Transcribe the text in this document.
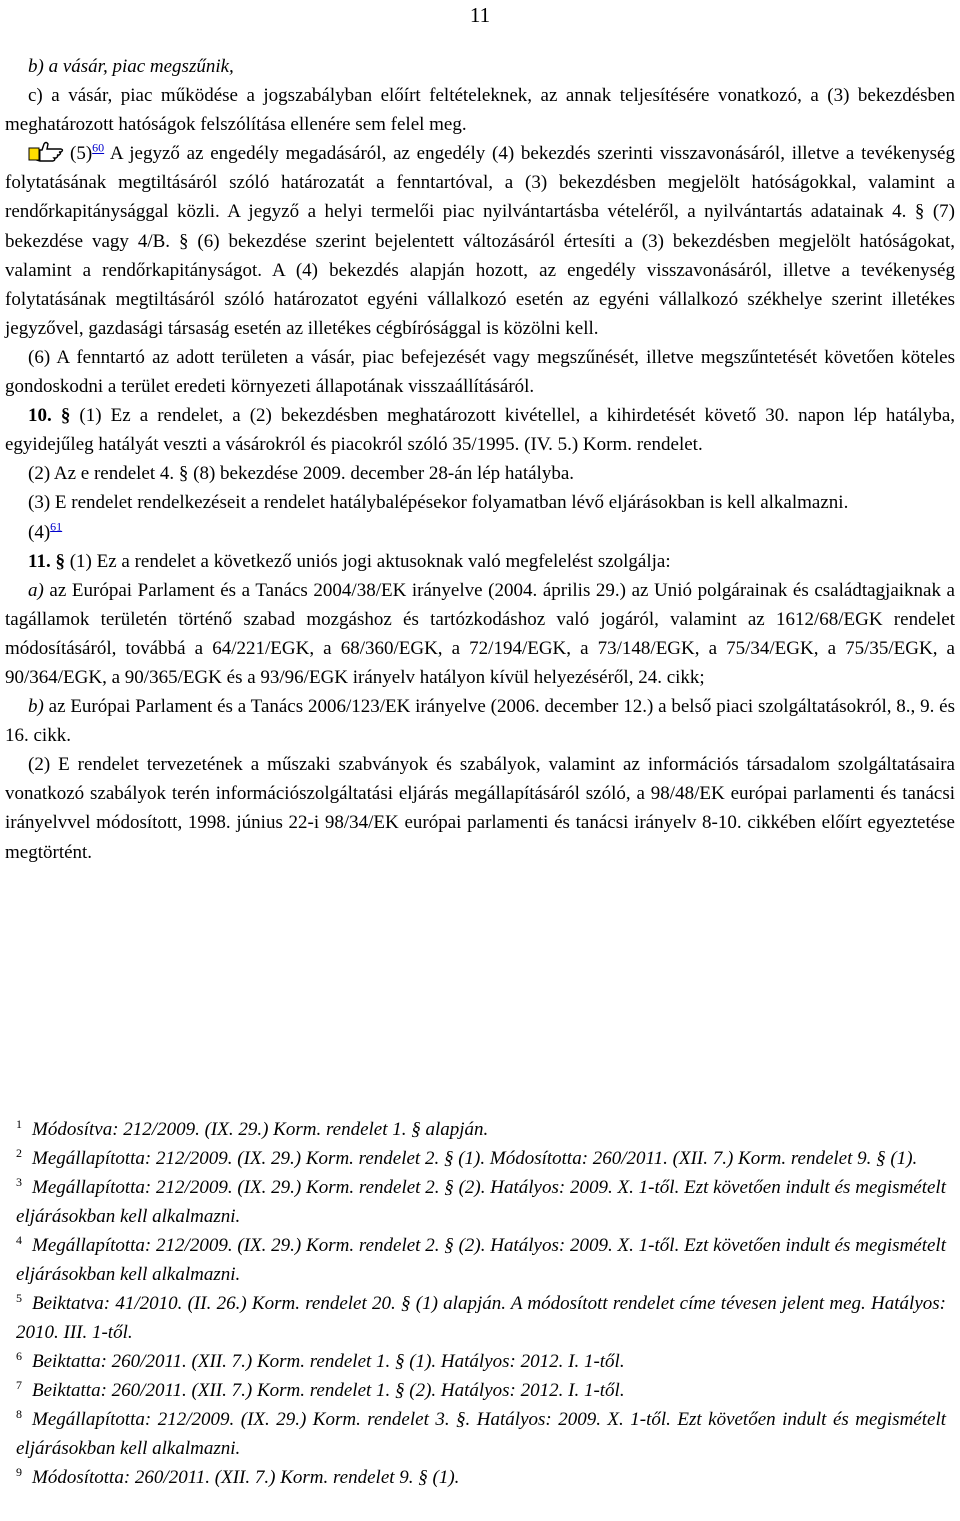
11

b) a vásár, piac megszűnik,

c) a vásár, piac működése a jogszabályban előírt feltételeknek, az annak teljesítésére vonatkozó, a (3) bekezdésben meghatározott hatóságok felszólítása ellenére sem felel meg.

(5)$^{60}$ A jegyző az engedély megadásáról, az engedély (4) bekezdés szerinti visszavonásáról, illetve a tevékenység folytatásának megtiltásáról szóló határozatát a fenntartóval, a (3) bekezdésben megjelölt hatóságokkal, valamint a rendőrkapitánysággal közli. A jegyző a helyi termelői piac nyilvántartásba vételéről, a nyilvántartás adatainak 4. § (7) bekezdése vagy 4/B. § (6) bekezdése szerint bejelentett változásáról értesíti a (3) bekezdésben megjelölt hatóságokat, valamint a rendőrkapitányságot. A (4) bekezdés alapján hozott, az engedély visszavonásáról, illetve a tevékenység folytatásának megtiltásáról szóló határozatot egyéni vállalkozó esetén az egyéni vállalkozó székhelye szerint illetékes jegyzővel, gazdasági társaság esetén az illetékes cégbírósággal is közölni kell.

(6) A fenntartó az adott területen a vásár, piac befejezését vagy megszűnését, illetve megszűntetését követően köteles gondoskodni a terület eredeti környezeti állapotának visszaállításáról.

10. § (1) Ez a rendelet, a (2) bekezdésben meghatározott kivétellel, a kihirdetését követő 30. napon lép hatályba, egyidejűleg hatályát veszti a vásárokról és piacokról szóló 35/1995. (IV. 5.) Korm. rendelet.

(2) Az e rendelet 4. § (8) bekezdése 2009. december 28-án lép hatályba.

(3) E rendelet rendelkezéseit a rendelet hatálybalépésekor folyamatban lévő eljárásokban is kell alkalmazni.

(4)$^{61}$

11. § (1) Ez a rendelet a következő uniós jogi aktusoknak való megfelelést szolgálja:

a) az Európai Parlament és a Tanács 2004/38/EK irányelve (2004. április 29.) az Unió polgárainak és családtagjaiknak a tagállamok területén történő szabad mozgáshoz és tartózkodáshoz való jogáról, valamint az 1612/68/EGK rendelet módosításáról, továbbá a 64/221/EGK, a 68/360/EGK, a 72/194/EGK, a 73/148/EGK, a 75/34/EGK, a 75/35/EGK, a 90/364/EGK, a 90/365/EGK és a 93/96/EGK irányelv hatályon kívül helyezéséről, 24. cikk;

b) az Európai Parlament és a Tanács 2006/123/EK irányelve (2006. december 12.) a belső piaci szolgáltatásokról, 8., 9. és 16. cikk.

(2) E rendelet tervezetének a műszaki szabványok és szabályok, valamint az információs társadalom szolgáltatásaira vonatkozó szabályok terén információszolgáltatási eljárás megállapításáról szóló, a 98/48/EK európai parlamenti és tanácsi irányelvvel módosított, 1998. június 22-i 98/34/EK európai parlamenti és tanácsi irányelv 8-10. cikkében előírt egyeztetése megtörtént.

$^1$ Módosítva: 212/2009. (IX. 29.) Korm. rendelet 1. § alapján.

$^2$ Megállapította: 212/2009. (IX. 29.) Korm. rendelet 2. § (1). Módosította: 260/2011. (XII. 7.) Korm. rendelet 9. § (1).

$^3$ Megállapította: 212/2009. (IX. 29.) Korm. rendelet 2. § (2). Hatályos: 2009. X. 1-től. Ezt követően indult és megismételt eljárásokban kell alkalmazni.

$^4$ Megállapította: 212/2009. (IX. 29.) Korm. rendelet 2. § (2). Hatályos: 2009. X. 1-től. Ezt követően indult és megismételt eljárásokban kell alkalmazni.

$^5$ Beiktatva: 41/2010. (II. 26.) Korm. rendelet 20. § (1) alapján. A módosított rendelet címe tévesen jelent meg. Hatályos: 2010. III. 1-től.

$^6$ Beiktatta: 260/2011. (XII. 7.) Korm. rendelet 1. § (1). Hatályos: 2012. I. 1-től.

$^7$ Beiktatta: 260/2011. (XII. 7.) Korm. rendelet 1. § (2). Hatályos: 2012. I. 1-től.

$^8$ Megállapította: 212/2009. (IX. 29.) Korm. rendelet 3. §. Hatályos: 2009. X. 1-től. Ezt követően indult és megismételt eljárásokban kell alkalmazni.

$^9$ Módosította: 260/2011. (XII. 7.) Korm. rendelet 9. § (1).
